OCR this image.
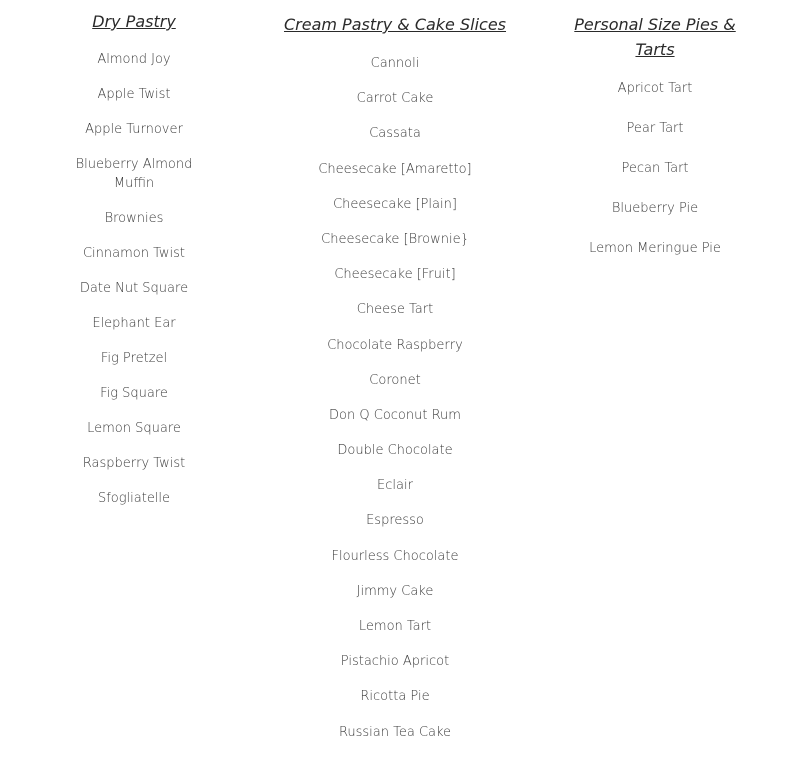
Dry Pastry
Almond Joy
Apple Twist
Apple Turnover
Blueberry Almond Muffin
Brownies
Cinnamon Twist
Date Nut Square
Elephant Ear
Fig Pretzel
Fig Square
Lemon Square
Raspberry Twist
Sfogliatelle
Cream Pastry & Cake Slices
Cannoli
Carrot Cake
Cassata
Cheesecake [Amaretto]
Cheesecake [Plain]
Cheesecake [Brownie}
Cheesecake [Fruit]
Cheese Tart
Chocolate Raspberry
Coronet
Don Q Coconut Rum
Double Chocolate
Eclair
Espresso
Flourless Chocolate
Jimmy Cake
Lemon Tart
Pistachio Apricot
Ricotta Pie
Russian Tea Cake
Personal Size Pies & Tarts
Apricot Tart
Pear Tart
Pecan Tart
Blueberry Pie
Lemon Meringue Pie
